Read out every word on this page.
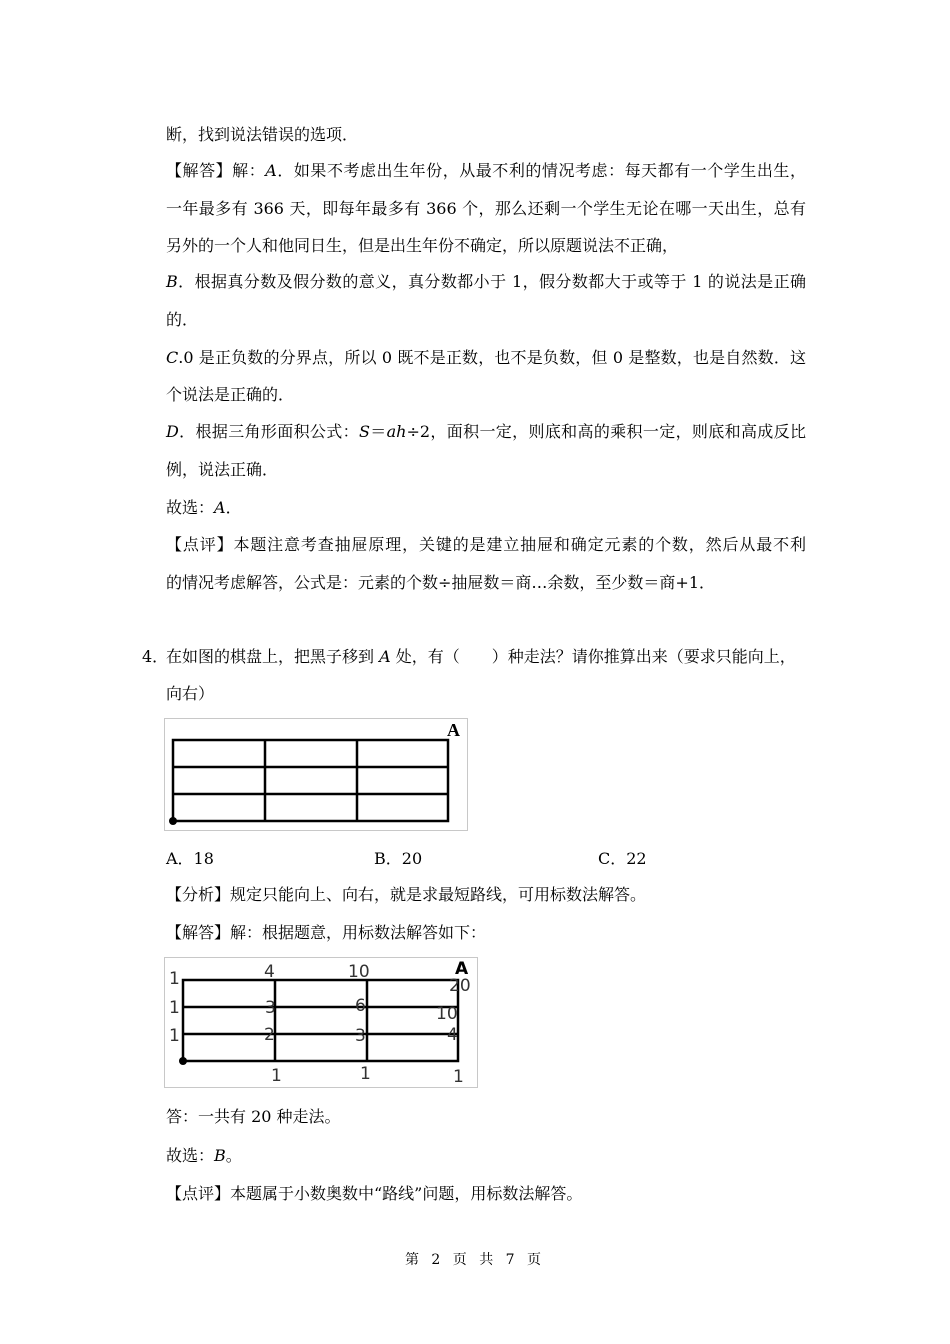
断，找到说法错误的选项．
【解答】解：A．如果不考虑出生年份，从最不利的情况考虑：每天都有一个学生出生，
一年最多有 366 天，即每年最多有 366 个，那么还剩一个学生无论在哪一天出生，总有
另外的一个人和他同日生，但是出生年份不确定，所以原题说法不正确，
B．根据真分数及假分数的意义，真分数都小于 1，假分数都大于或等于 1 的说法是正确
的．
C.0 是正负数的分界点，所以 0 既不是正数，也不是负数，但 0 是整数，也是自然数．这
个说法是正确的．
D．根据三角形面积公式：S＝ah÷2，面积一定，则底和高的乘积一定，则底和高成反比
例，说法正确．
故选：A．
【点评】本题注意考查抽屉原理，关键的是建立抽屉和确定元素的个数，然后从最不利
的情况考虑解答，公式是：元素的个数÷抽屉数＝商…余数，至少数＝商+1．
4．
在如图的棋盘上，把黑子移到 A 处，有（　　）种走法？请你推算出来（要求只能向上，
向右）
A
A．18	B．20	C．22
【分析】规定只能向上、向右，就是求最短路线，可用标数法解答。
【解答】解：根据题意，用标数法解答如下：
A
1
1
1
4	10
20
3	6	10
2	3	4
1	1	1
答：一共有 20 种走法。
故选：B。
【点评】本题属于小数奥数中“路线”问题，用标数法解答。
第 2 页 共 7 页
